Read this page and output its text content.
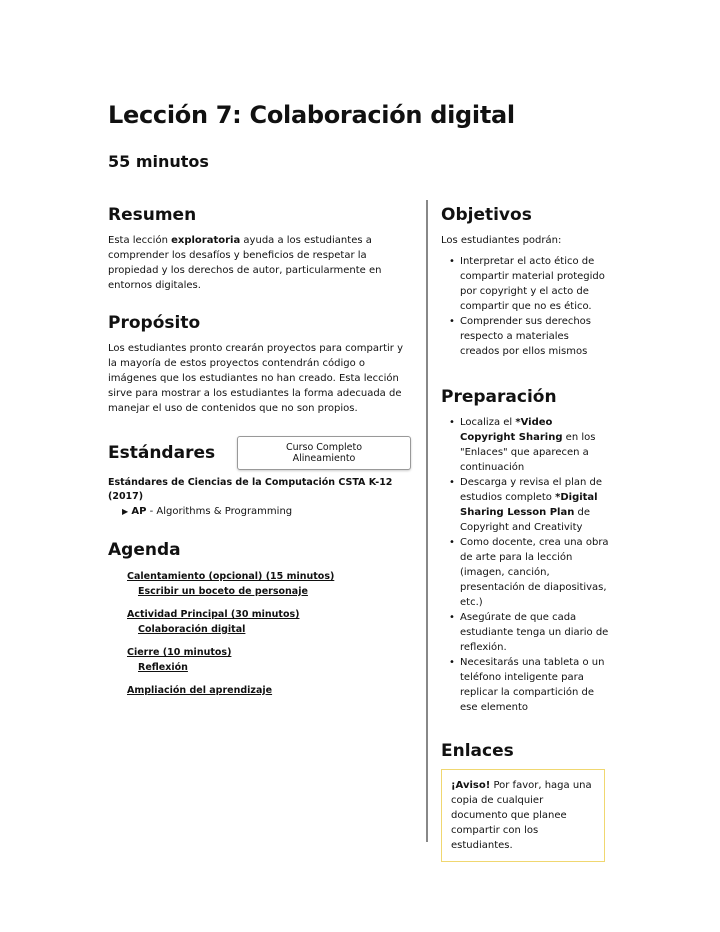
Lección 7: Colaboración digital
55 minutos
Resumen

Esta lección exploratoria ayuda a los estudiantes a comprender los desafíos y beneficios de respetar la propiedad y los derechos de autor, particularmente en entornos digitales.

Propósito

Los estudiantes pronto crearán proyectos para compartir y la mayoría de estos proyectos contendrán código o imágenes que los estudiantes no han creado. Esta lección sirve para mostrar a los estudiantes la forma adecuada de manejar el uso de contenidos que no son propios.

Estándares	Curso Completo Alineamiento
Estándares de Ciencias de la Computación CSTA K-12 (2017)
▶ AP - Algorithms & Programming
Agenda
Calentamiento (opcional) (15 minutos)
Escribir un boceto de personaje
Actividad Principal (30 minutos)
Colaboración digital
Cierre (10 minutos)
Reflexión
Ampliación del aprendizaje
Objetivos

Los estudiantes podrán:

• Interpretar el acto ético de compartir material protegido por copyright y el acto de compartir que no es ético.
• Comprender sus derechos respecto a materiales creados por ellos mismos
Preparación
• Localiza el *Video Copyright Sharing en los "Enlaces" que aparecen a continuación
• Descarga y revisa el plan de estudios completo *Digital Sharing Lesson Plan de Copyright and Creativity
• Como docente, crea una obra de arte para la lección (imagen, canción, presentación de diapositivas, etc.)
• Asegúrate de que cada estudiante tenga un diario de reflexión.
• Necesitarás una tableta o un teléfono inteligente para replicar la compartición de ese elemento
Enlaces
¡Aviso! Por favor, haga una copia de cualquier documento que planee compartir con los estudiantes.
